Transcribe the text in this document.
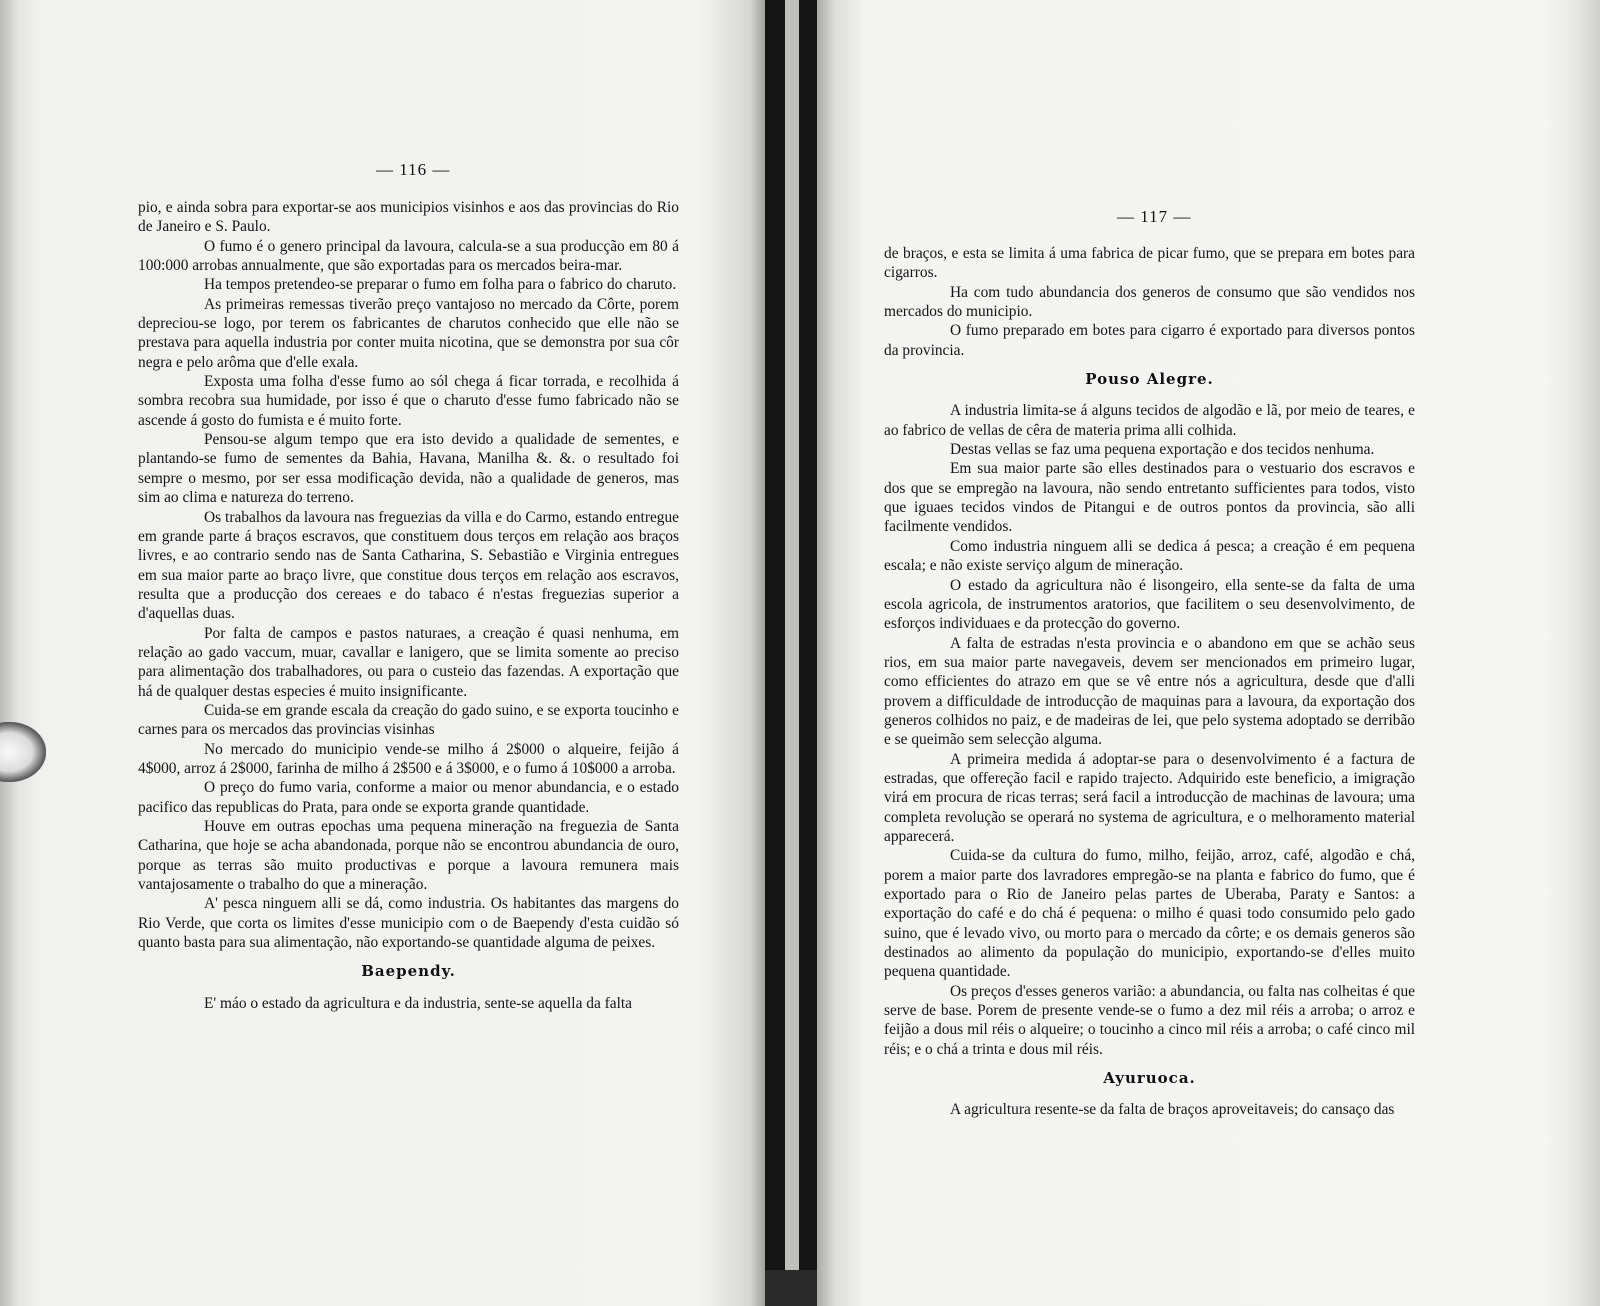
— 116 —

pio, e ainda sobra para exportar-se aos municipios visinhos e aos das provincias do Rio de Janeiro e S. Paulo.

O fumo é o genero principal da lavoura, calcula-se a sua producção em 80 á 100:000 arrobas annualmente, que são exportadas para os mercados beira-mar.

Ha tempos pretendeo-se preparar o fumo em folha para o fabrico do charuto.

As primeiras remessas tiverão preço vantajoso no mercado da Côrte, porem depreciou-se logo, por terem os fabricantes de charutos conhecido que elle não se prestava para aquella industria por conter muita nicotina, que se demonstra por sua côr negra e pelo arôma que d'elle exala.

Exposta uma folha d'esse fumo ao sól chega á ficar torrada, e recolhida á sombra recobra sua humidade, por isso é que o charuto d'esse fumo fabricado não se ascende á gosto do fumista e é muito forte.

Pensou-se algum tempo que era isto devido a qualidade de sementes, e plantando-se fumo de sementes da Bahia, Havana, Manilha &. &. o resultado foi sempre o mesmo, por ser essa modificação devida, não a qualidade de generos, mas sim ao clima e natureza do terreno.

Os trabalhos da lavoura nas freguezias da villa e do Carmo, estando entregue em grande parte á braços escravos, que constituem dous terços em relação aos braços livres, e ao contrario sendo nas de Santa Catharina, S. Sebastião e Virginia entregues em sua maior parte ao braço livre, que constitue dous terços em relação aos escravos, resulta que a producção dos cereaes e do tabaco é n'estas freguezias superior a d'aquellas duas.

Por falta de campos e pastos naturaes, a creação é quasi nenhuma, em relação ao gado vaccum, muar, cavallar e lanigero, que se limita somente ao preciso para alimentação dos trabalhadores, ou para o custeio das fazendas. A exportação que há de qualquer destas especies é muito insignificante.

Cuida-se em grande escala da creação do gado suino, e se exporta toucinho e carnes para os mercados das provincias visinhas

No mercado do municipio vende-se milho á 2$000 o alqueire, feijão á 4$000, arroz á 2$000, farinha de milho á 2$500 e á 3$000, e o fumo á 10$000 a arroba.

O preço do fumo varia, conforme a maior ou menor abundancia, e o estado pacifico das republicas do Prata, para onde se exporta grande quantidade.

Houve em outras epochas uma pequena mineração na freguezia de Santa Catharina, que hoje se acha abandonada, porque não se encontrou abundancia de ouro, porque as terras são muito productivas e porque a lavoura remunera mais vantajosamente o trabalho do que a mineração.

A' pesca ninguem alli se dá, como industria. Os habitantes das margens do Rio Verde, que corta os limites d'esse municipio com o de Baependy d'esta cuidão só quanto basta para sua alimentação, não exportando-se quantidade alguma de peixes.

Baependy.

E' máo o estado da agricultura e da industria, sente-se aquella da falta

— 117 —

de braços, e esta se limita á uma fabrica de picar fumo, que se prepara em botes para cigarros.

Ha com tudo abundancia dos generos de consumo que são vendidos nos mercados do municipio.

O fumo preparado em botes para cigarro é exportado para diversos pontos da provincia.

Pouso Alegre.

A industria limita-se á alguns tecidos de algodão e lã, por meio de teares, e ao fabrico de vellas de cêra de materia prima alli colhida.

Destas vellas se faz uma pequena exportação e dos tecidos nenhuma.

Em sua maior parte são elles destinados para o vestuario dos escravos e dos que se empregão na lavoura, não sendo entretanto sufficientes para todos, visto que iguaes tecidos vindos de Pitangui e de outros pontos da provincia, são alli facilmente vendidos.

Como industria ninguem alli se dedica á pesca; a creação é em pequena escala; e não existe serviço algum de mineração.

O estado da agricultura não é lisongeiro, ella sente-se da falta de uma escola agricola, de instrumentos aratorios, que facilitem o seu desenvolvimento, de esforços individuaes e da protecção do governo.

A falta de estradas n'esta provincia e o abandono em que se achão seus rios, em sua maior parte navegaveis, devem ser mencionados em primeiro lugar, como efficientes do atrazo em que se vê entre nós a agricultura, desde que d'alli provem a difficuldade de introducção de maquinas para a lavoura, da exportação dos generos colhidos no paiz, e de madeiras de lei, que pelo systema adoptado se derribão e se queimão sem selecção alguma.

A primeira medida á adoptar-se para o desenvolvimento é a factura de estradas, que offereção facil e rapido trajecto. Adquirido este beneficio, a imigração virá em procura de ricas terras; será facil a introducção de machinas de lavoura; uma completa revolução se operará no systema de agricultura, e o melhoramento material apparecerá.

Cuida-se da cultura do fumo, milho, feijão, arroz, café, algodão e chá, porem a maior parte dos lavradores empregão-se na planta e fabrico do fumo, que é exportado para o Rio de Janeiro pelas partes de Uberaba, Paraty e Santos: a exportação do café e do chá é pequena: o milho é quasi todo consumido pelo gado suino, que é levado vivo, ou morto para o mercado da côrte; e os demais generos são destinados ao alimento da população do municipio, exportando-se d'elles muito pequena quantidade.

Os preços d'esses generos varião: a abundancia, ou falta nas colheitas é que serve de base. Porem de presente vende-se o fumo a dez mil réis a arroba; o arroz e feijão a dous mil réis o alqueire; o toucinho a cinco mil réis a arroba; o café cinco mil réis; e o chá a trinta e dous mil réis.

Ayuruoca.

A agricultura resente-se da falta de braços aproveitaveis; do cansaço das
